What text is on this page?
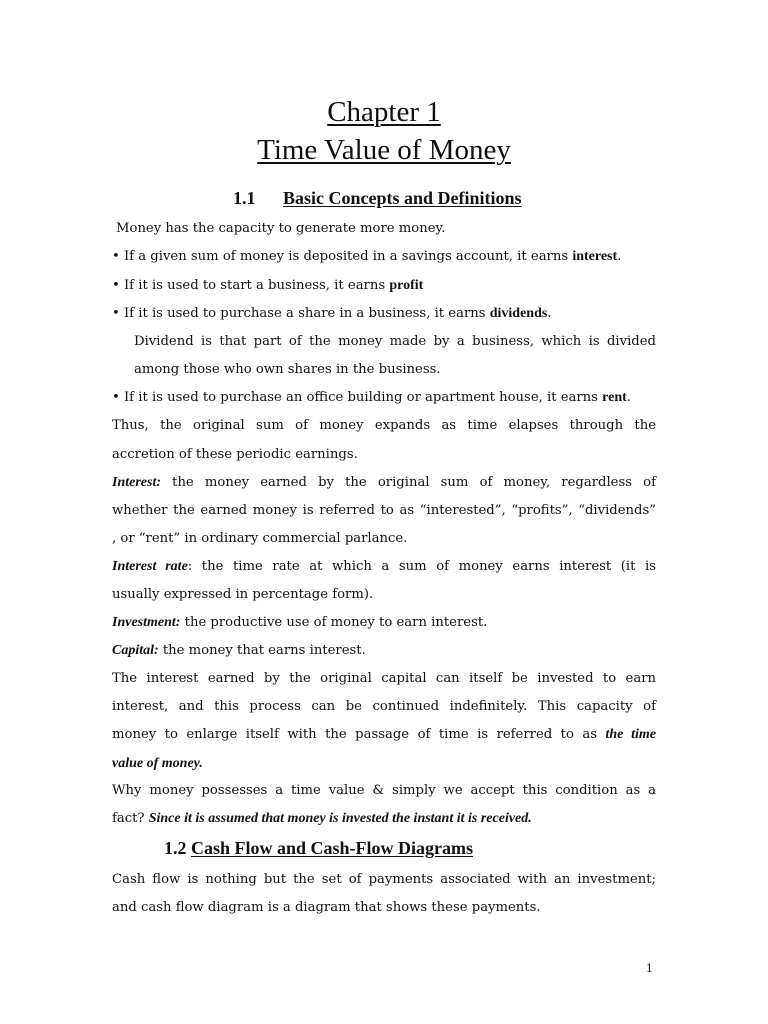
Chapter 1
Time Value of Money
1.1 Basic Concepts and Definitions

Money has the capacity to generate more money.

• If a given sum of money is deposited in a savings account, it earns interest.

• If it is used to start a business, it earns profit

• If it is used to purchase a share in a business, it earns dividends.

Dividend is that part of the money made by a business, which is divided

among those who own shares in the business.

• If it is used to purchase an office building or apartment house, it earns rent.

Thus, the original sum of money expands as time elapses through the

accretion of these periodic earnings.

Interest: the money earned by the original sum of money, regardless of

whether the earned money is referred to as “interested”, “profits”, “dividends”

, or “rent” in ordinary commercial parlance.

Interest rate: the time rate at which a sum of money earns interest (it is

usually expressed in percentage form).

Investment: the productive use of money to earn interest.

Capital: the money that earns interest.

The interest earned by the original capital can itself be invested to earn

interest, and this process can be continued indefinitely. This capacity of

money to enlarge itself with the passage of time is referred to as the time

value of money.

Why money possesses a time value & simply we accept this condition as a

fact? Since it is assumed that money is invested the instant it is received.

1.2 Cash Flow and Cash-Flow Diagrams

Cash flow is nothing but the set of payments associated with an investment;

and cash flow diagram is a diagram that shows these payments.

1
